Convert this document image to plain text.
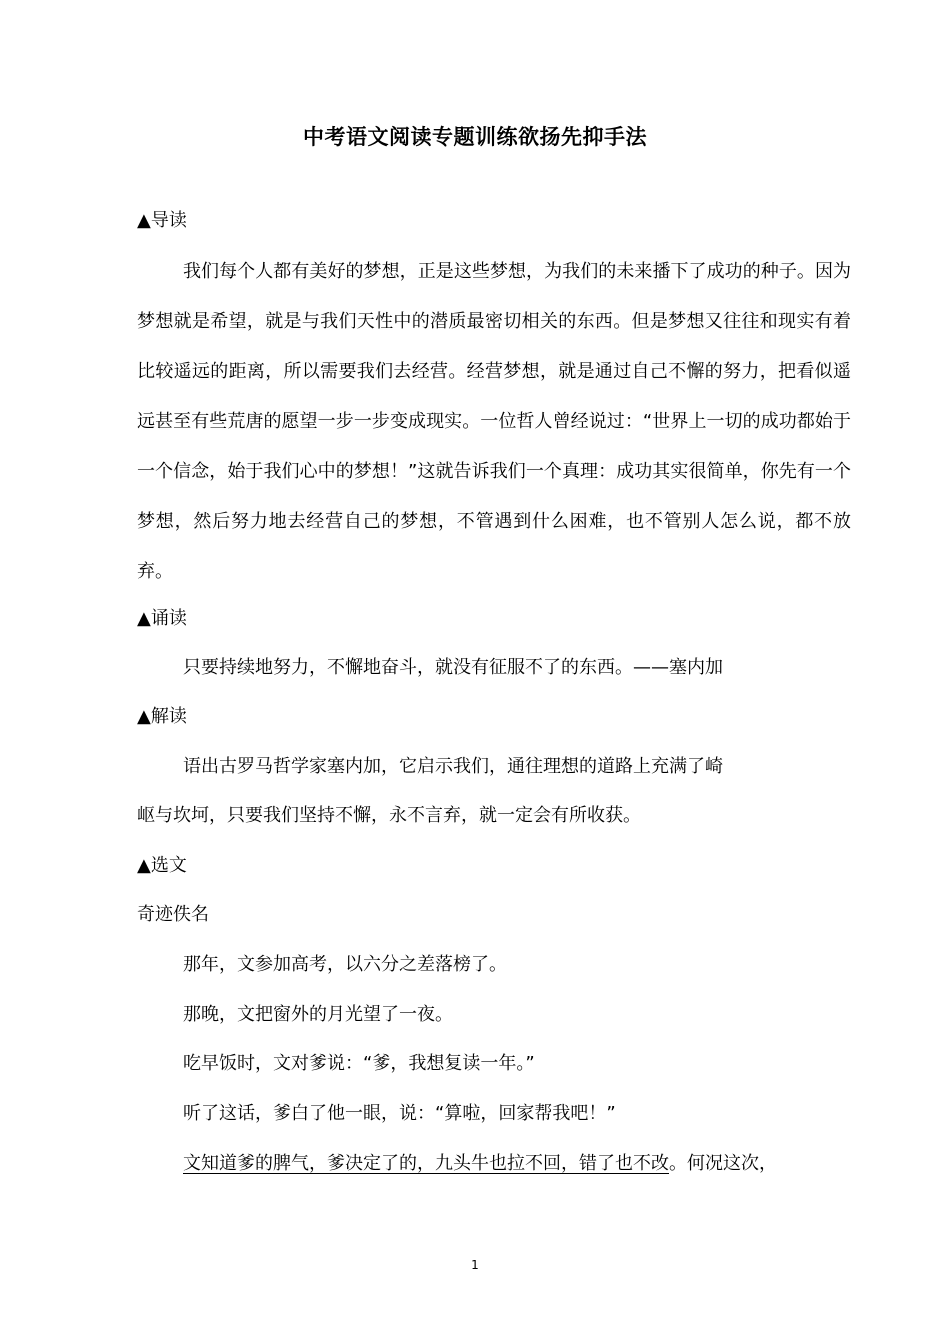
中考语文阅读专题训练欲扬先抑手法
▲导读

我们每个人都有美好的梦想，正是这些梦想，为我们的未来播下了成功的种子。因为梦想就是希望，就是与我们天性中的潜质最密切相关的东西。但是梦想又往往和现实有着比较遥远的距离，所以需要我们去经营。经营梦想，就是通过自己不懈的努力，把看似遥远甚至有些荒唐的愿望一步一步变成现实。一位哲人曾经说过：“世界上一切的成功都始于一个信念，始于我们心中的梦想！”这就告诉我们一个真理：成功其实很简单，你先有一个梦想，然后努力地去经营自己的梦想，不管遇到什么困难，也不管别人怎么说，都不放弃。

▲诵读
只要持续地努力，不懈地奋斗，就没有征服不了的东西。——塞内加
▲解读
语出古罗马哲学家塞内加，它启示我们，通往理想的道路上充满了崎
岖与坎坷，只要我们坚持不懈，永不言弃，就一定会有所收获。
▲选文
奇迹佚名
那年，文参加高考，以六分之差落榜了。
那晚，文把窗外的月光望了一夜。
吃早饭时，文对爹说：“爹，我想复读一年。”
听了这话，爹白了他一眼，说：“算啦，回家帮我吧！”
文知道爹的脾气，爹决定了的，九头牛也拉不回，错了也不改。何况这次，
1
